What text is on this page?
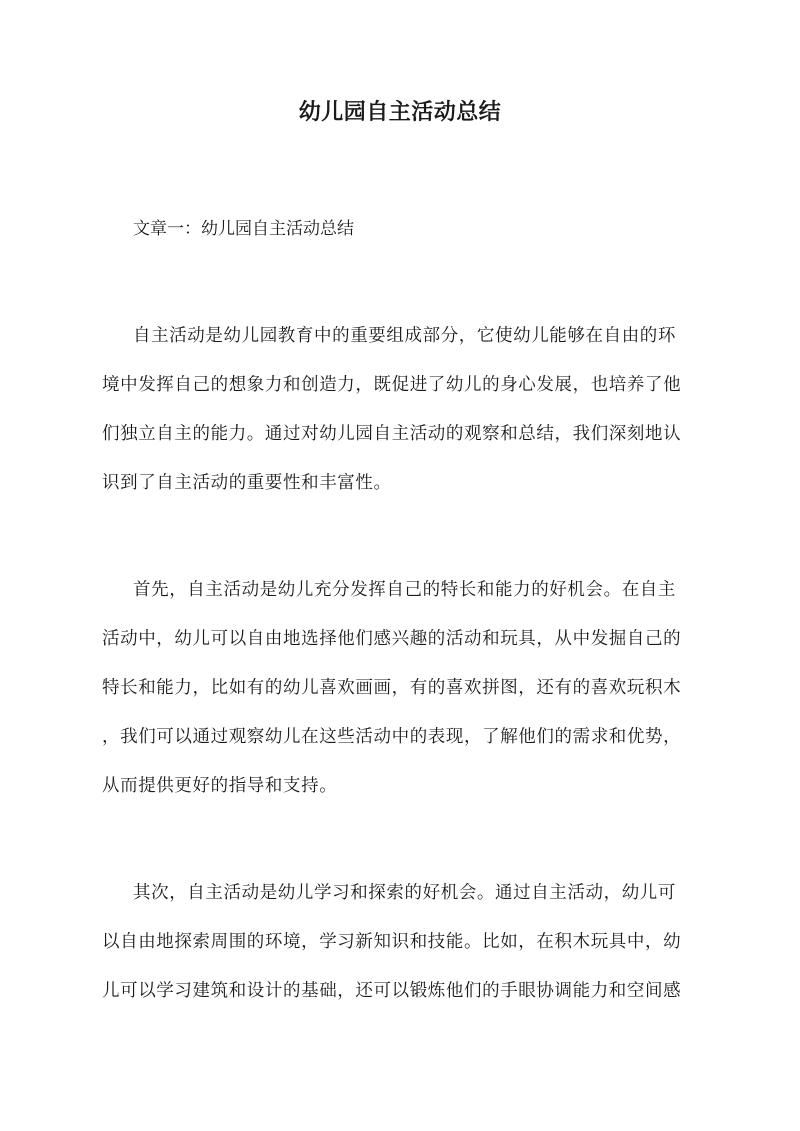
幼儿园自主活动总结
文章一：幼儿园自主活动总结
自主活动是幼儿园教育中的重要组成部分，它使幼儿能够在自由的环
境中发挥自己的想象力和创造力，既促进了幼儿的身心发展，也培养了他
们独立自主的能力。通过对幼儿园自主活动的观察和总结，我们深刻地认
识到了自主活动的重要性和丰富性。
首先，自主活动是幼儿充分发挥自己的特长和能力的好机会。在自主
活动中，幼儿可以自由地选择他们感兴趣的活动和玩具，从中发掘自己的
特长和能力，比如有的幼儿喜欢画画，有的喜欢拼图，还有的喜欢玩积木
，我们可以通过观察幼儿在这些活动中的表现，了解他们的需求和优势，
从而提供更好的指导和支持。
其次，自主活动是幼儿学习和探索的好机会。通过自主活动，幼儿可
以自由地探索周围的环境，学习新知识和技能。比如，在积木玩具中，幼
儿可以学习建筑和设计的基础，还可以锻炼他们的手眼协调能力和空间感
